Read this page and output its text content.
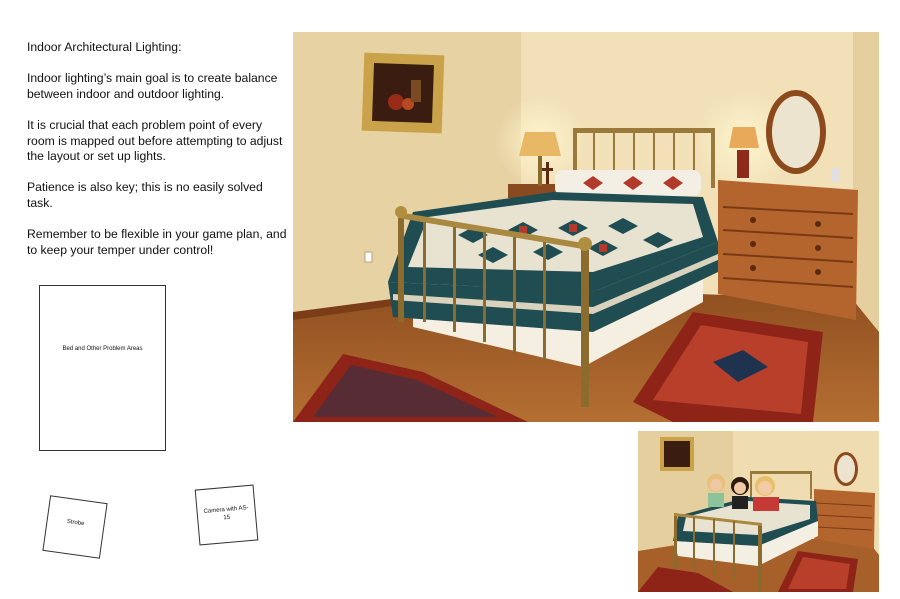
Indoor Architectural Lighting:

Indoor lighting’s main goal is to create balance between indoor and outdoor lighting.

It is crucial that each problem point of every room is mapped out before attempting to adjust the layout or set up lights.

Patience is also key; this is no easily solved task.

Remember to be flexible in your game plan, and to keep your temper under control!

Bed and Other Problem Areas
Strobe
Camera with AS-15
